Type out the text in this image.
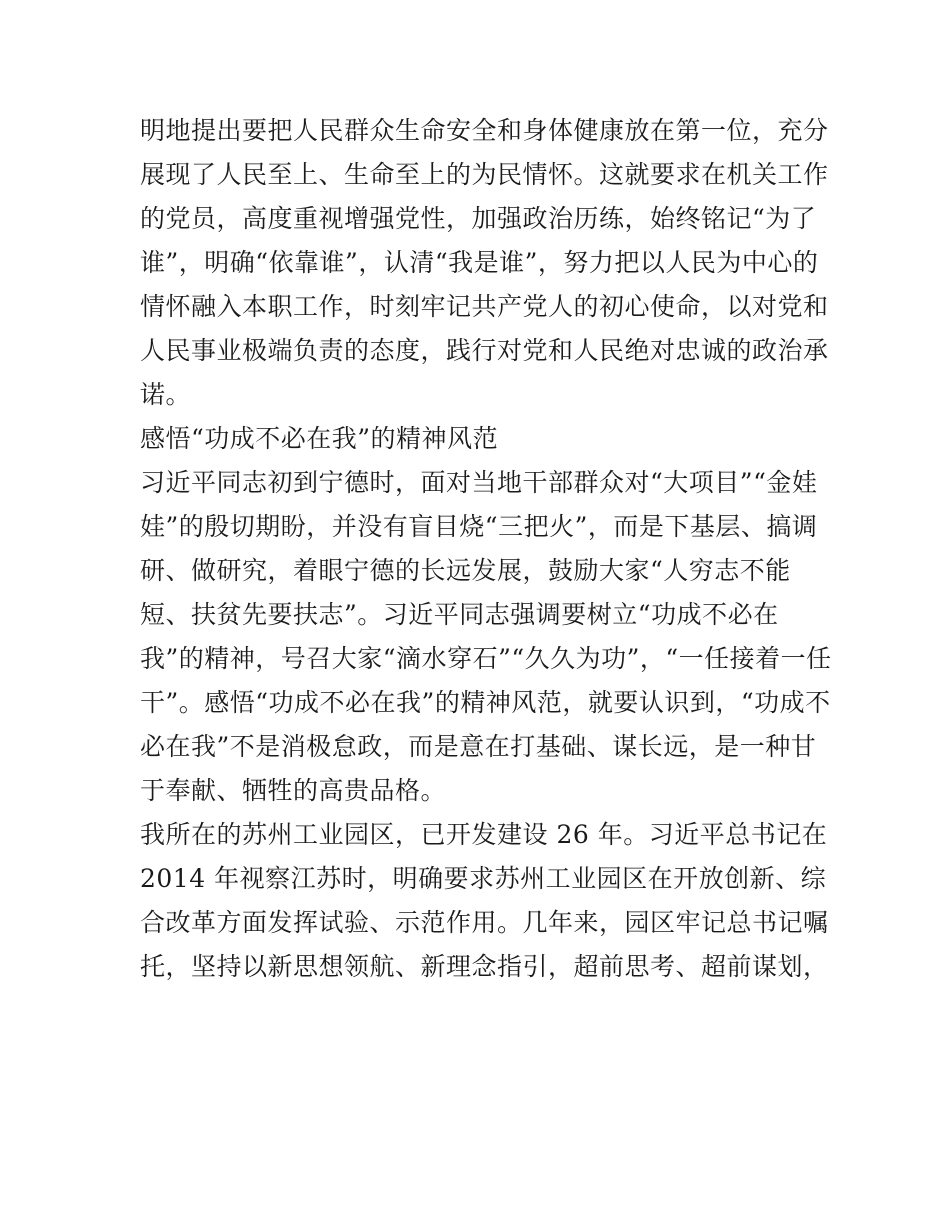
明地提出要把人民群众生命安全和身体健康放在第一位，充分
展现了人民至上、生命至上的为民情怀。这就要求在机关工作
的党员，高度重视增强党性，加强政治历练，始终铭记“为了
谁”，明确“依靠谁”，认清“我是谁”，努力把以人民为中心的
情怀融入本职工作，时刻牢记共产党人的初心使命，以对党和
人民事业极端负责的态度，践行对党和人民绝对忠诚的政治承
诺。
感悟“功成不必在我”的精神风范
习近平同志初到宁德时，面对当地干部群众对“大项目”“金娃
娃”的殷切期盼，并没有盲目烧“三把火”，而是下基层、搞调
研、做研究，着眼宁德的长远发展，鼓励大家“人穷志不能
短、扶贫先要扶志”。习近平同志强调要树立“功成不必在
我”的精神，号召大家“滴水穿石”“久久为功”，“一任接着一任
干”。感悟“功成不必在我”的精神风范，就要认识到，“功成不
必在我”不是消极怠政，而是意在打基础、谋长远，是一种甘
于奉献、牺牲的高贵品格。
我所在的苏州工业园区，已开发建设 26 年。习近平总书记在
2014 年视察江苏时，明确要求苏州工业园区在开放创新、综
合改革方面发挥试验、示范作用。几年来，园区牢记总书记嘱
托，坚持以新思想领航、新理念指引，超前思考、超前谋划，
